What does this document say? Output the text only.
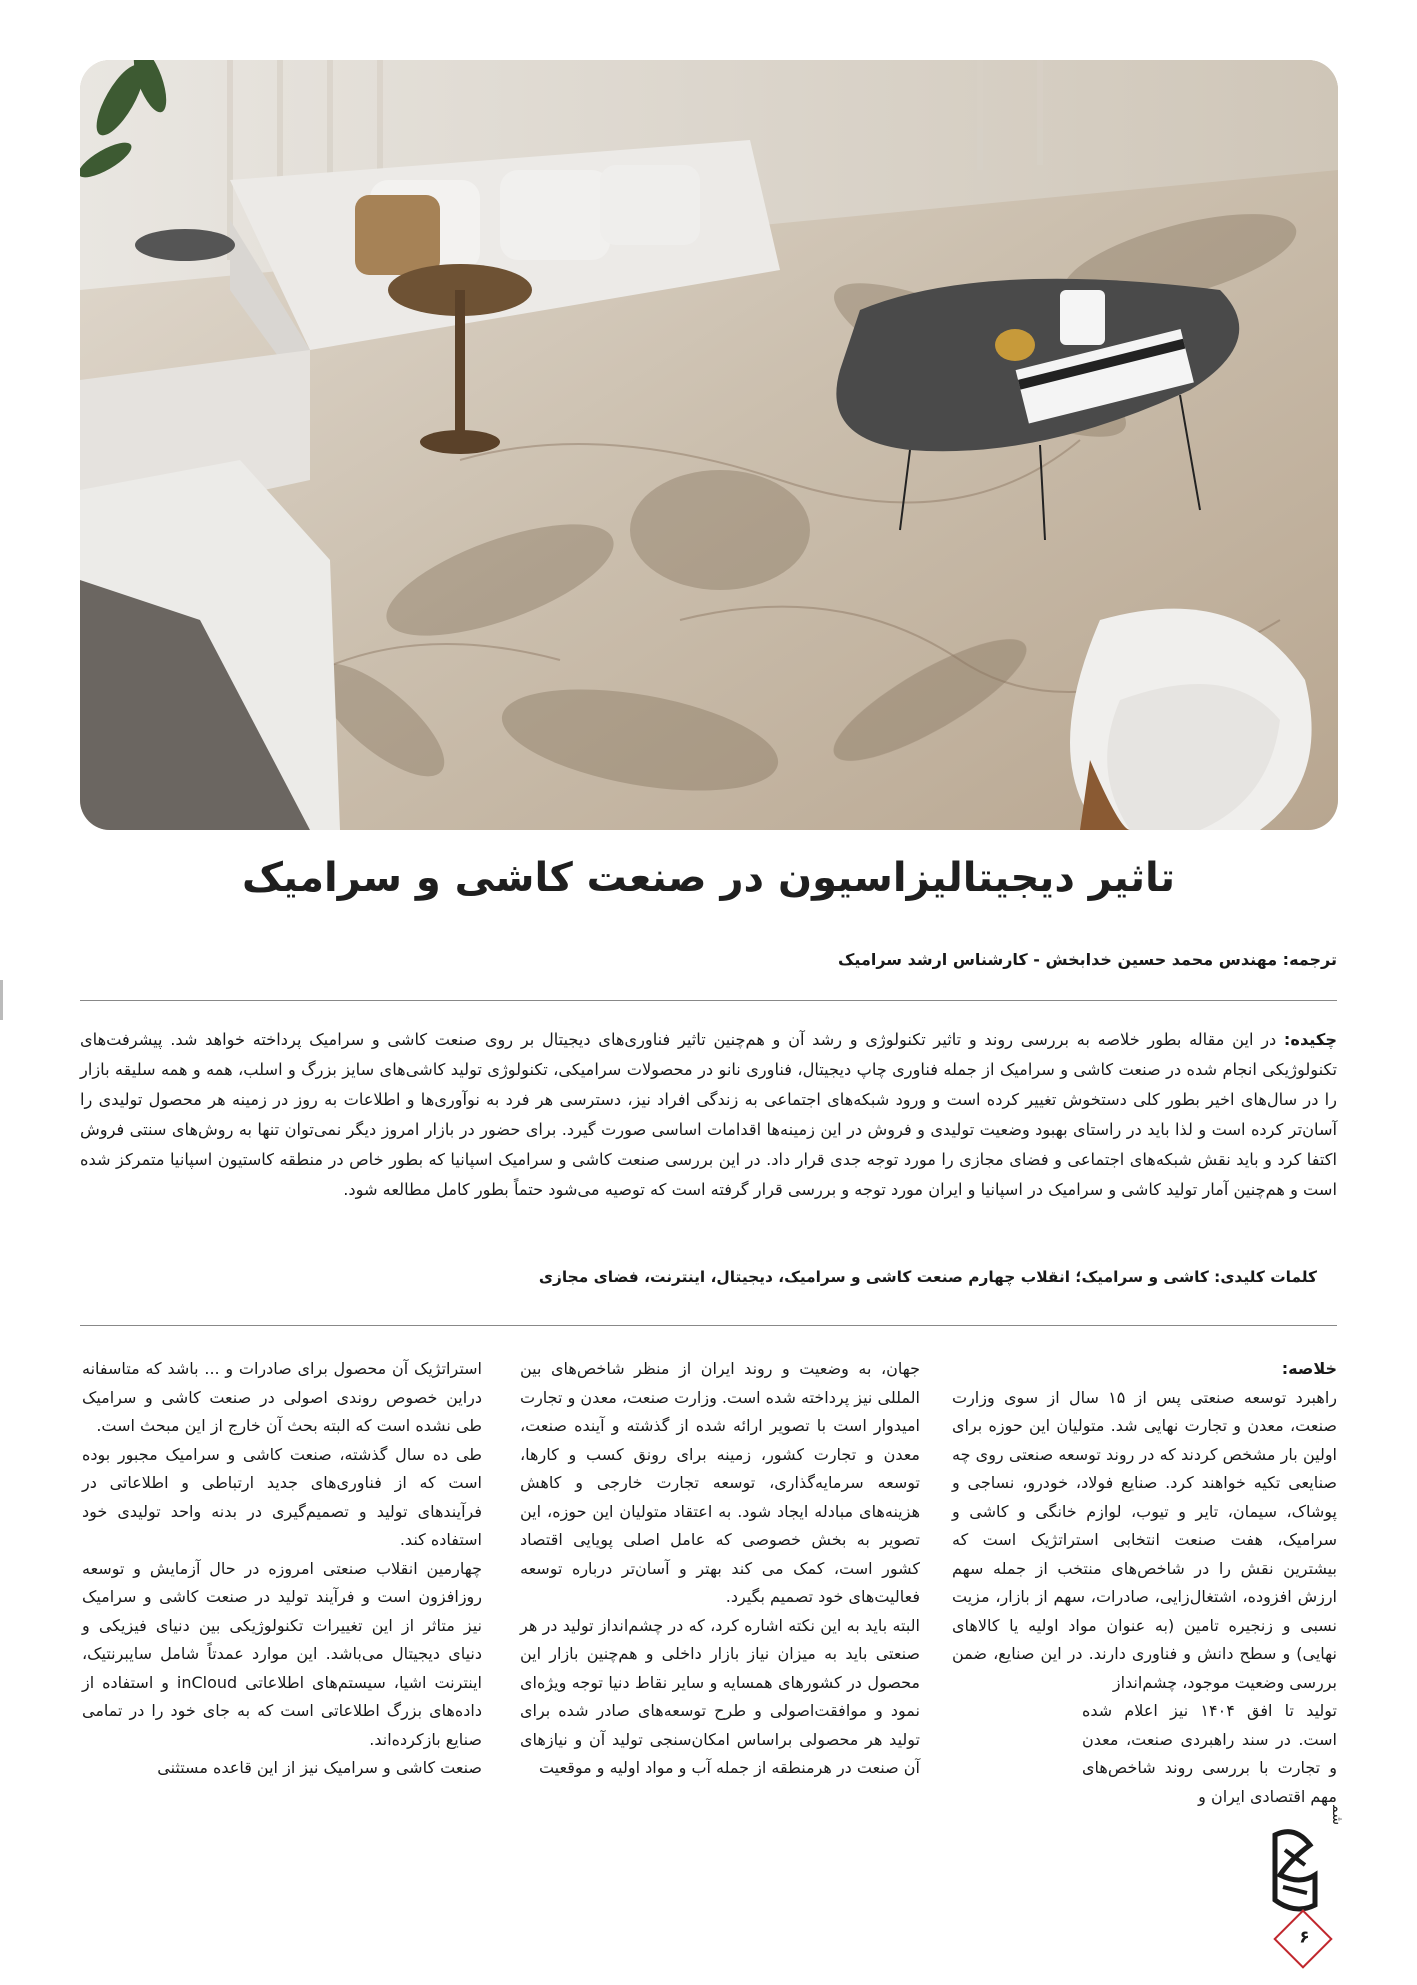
تاثیر دیجیتالیزاسیون در صنعت کاشی و سرامیک
ترجمه: مهندس محمد حسین خدابخش - کارشناس ارشد سرامیک
چکیده: در این مقاله بطور خلاصه به بررسی روند و تاثیر تکنولوژی و رشد آن و هم‌چنین تاثیر فناوری‌های دیجیتال بر روی صنعت کاشی و سرامیک پرداخته خواهد شد. پیشرفت‌های تکنولوژیکی انجام شده در صنعت کاشی و سرامیک از جمله فناوری چاپ دیجیتال، فناوری نانو در محصولات سرامیکی، تکنولوژی تولید کاشی‌های سایز بزرگ و اسلب، همه و همه سلیقه بازار را در سال‌های اخیر بطور کلی دستخوش تغییر کرده است و ورود شبکه‌های اجتماعی به زندگی افراد نیز، دسترسی هر فرد به نوآوری‌ها و اطلاعات به روز در زمینه هر محصول تولیدی را آسان‌تر کرده است و لذا باید در راستای بهبود وضعیت تولیدی و فروش در این زمینه‌ها اقدامات اساسی صورت گیرد. برای حضور در بازار امروز دیگر نمی‌توان تنها به روش‌های سنتی فروش اکتفا کرد و باید نقش شبکه‌های اجتماعی و فضای مجازی را مورد توجه جدی قرار داد. در این بررسی صنعت کاشی و سرامیک اسپانیا که بطور خاص در منطقه کاستیون اسپانیا متمرکز شده است و هم‌چنین آمار تولید کاشی و سرامیک در اسپانیا و ایران مورد توجه و بررسی قرار گرفته است که توصیه می‌شود حتماً بطور کامل مطالعه شود.
کلمات کلیدی: کاشی و سرامیک؛ انقلاب چهارم صنعت کاشی و سرامیک، دیجیتال، اینترنت، فضای مجازی

خلاصه:

راهبرد توسعه صنعتی پس از ۱۵ سال از سوی وزارت صنعت، معدن و تجارت نهایی شد. متولیان این حوزه برای اولین بار مشخص کردند که در روند توسعه صنعتی روی چه صنایعی تکیه خواهند کرد. صنایع فولاد، خودرو، نساجی و پوشاک، سیمان، تایر و تیوب، لوازم خانگی و کاشی و سرامیک، هفت صنعت انتخابی استراتژیک است که بیشترین نقش را در شاخص‌های منتخب از جمله سهم ارزش افزوده، اشتغال‌زایی، صادرات، سهم از بازار، مزیت نسبی و زنجیره تامین (به عنوان مواد اولیه یا کالاهای نهایی) و سطح دانش و فناوری دارند. در این صنایع، ضمن بررسی وضعیت موجود، چشم‌انداز

تولید تا افق ۱۴۰۴ نیز اعلام شده است. در سند راهبردی صنعت، معدن و تجارت با بررسی روند شاخص‌های مهم اقتصادی ایران و

جهان، به وضعیت و روند ایران از منظر شاخص‌های بین المللی نیز پرداخته شده است. وزارت صنعت، معدن و تجارت امیدوار است با تصویر ارائه شده از گذشته و آینده صنعت، معدن و تجارت کشور، زمینه برای رونق کسب و کارها، توسعه سرمایه‌گذاری، توسعه تجارت خارجی و کاهش هزینه‌های مبادله ایجاد شود. به اعتقاد متولیان این حوزه، این تصویر به بخش خصوصی که عامل اصلی پویایی اقتصاد کشور است، کمک می کند بهتر و آسان‌تر درباره توسعه فعالیت‌های خود تصمیم بگیرد.

البته باید به این نکته اشاره کرد، که در چشم‌انداز تولید در هر صنعتی باید به میزان نیاز بازار داخلی و هم‌چنین بازار این محصول در کشورهای همسایه و سایر نقاط دنیا توجه ویژه‌ای نمود و موافقت‌اصولی و طرح توسعه‌های صادر شده برای تولید هر محصولی براساس امکان‌سنجی تولید آن و نیازهای آن صنعت در هرمنطقه از جمله آب و مواد اولیه و موقعیت

استراتژیک آن محصول برای صادرات و ... باشد که متاسفانه دراین خصوص روندی اصولی در صنعت کاشی و سرامیک طی نشده است که البته بحث آن خارج از این مبحث است.

طی ده سال گذشته، صنعت کاشی و سرامیک مجبور بوده است که از فناوری‌های جدید ارتباطی و اطلاعاتی در فرآیندهای تولید و تصمیم‌گیری در بدنه واحد تولیدی خود استفاده کند.

چهارمین انقلاب صنعتی امروزه در حال آزمایش و توسعه روزافزون است و فرآیند تولید در صنعت کاشی و سرامیک نیز متاثر از این تغییرات تکنولوژیکی بین دنیای فیزیکی و دنیای دیجیتال می‌باشد. این موارد عمدتاً شامل سایبرنتیک، اینترنت اشیا، سیستم‌های اطلاعاتی inCloud و استفاده از داده‌های بزرگ اطلاعاتی است که به جای خود را در تمامی صنایع بازکرده‌اند.

صنعت کاشی و سرامیک نیز از این قاعده مستثنی

۶
